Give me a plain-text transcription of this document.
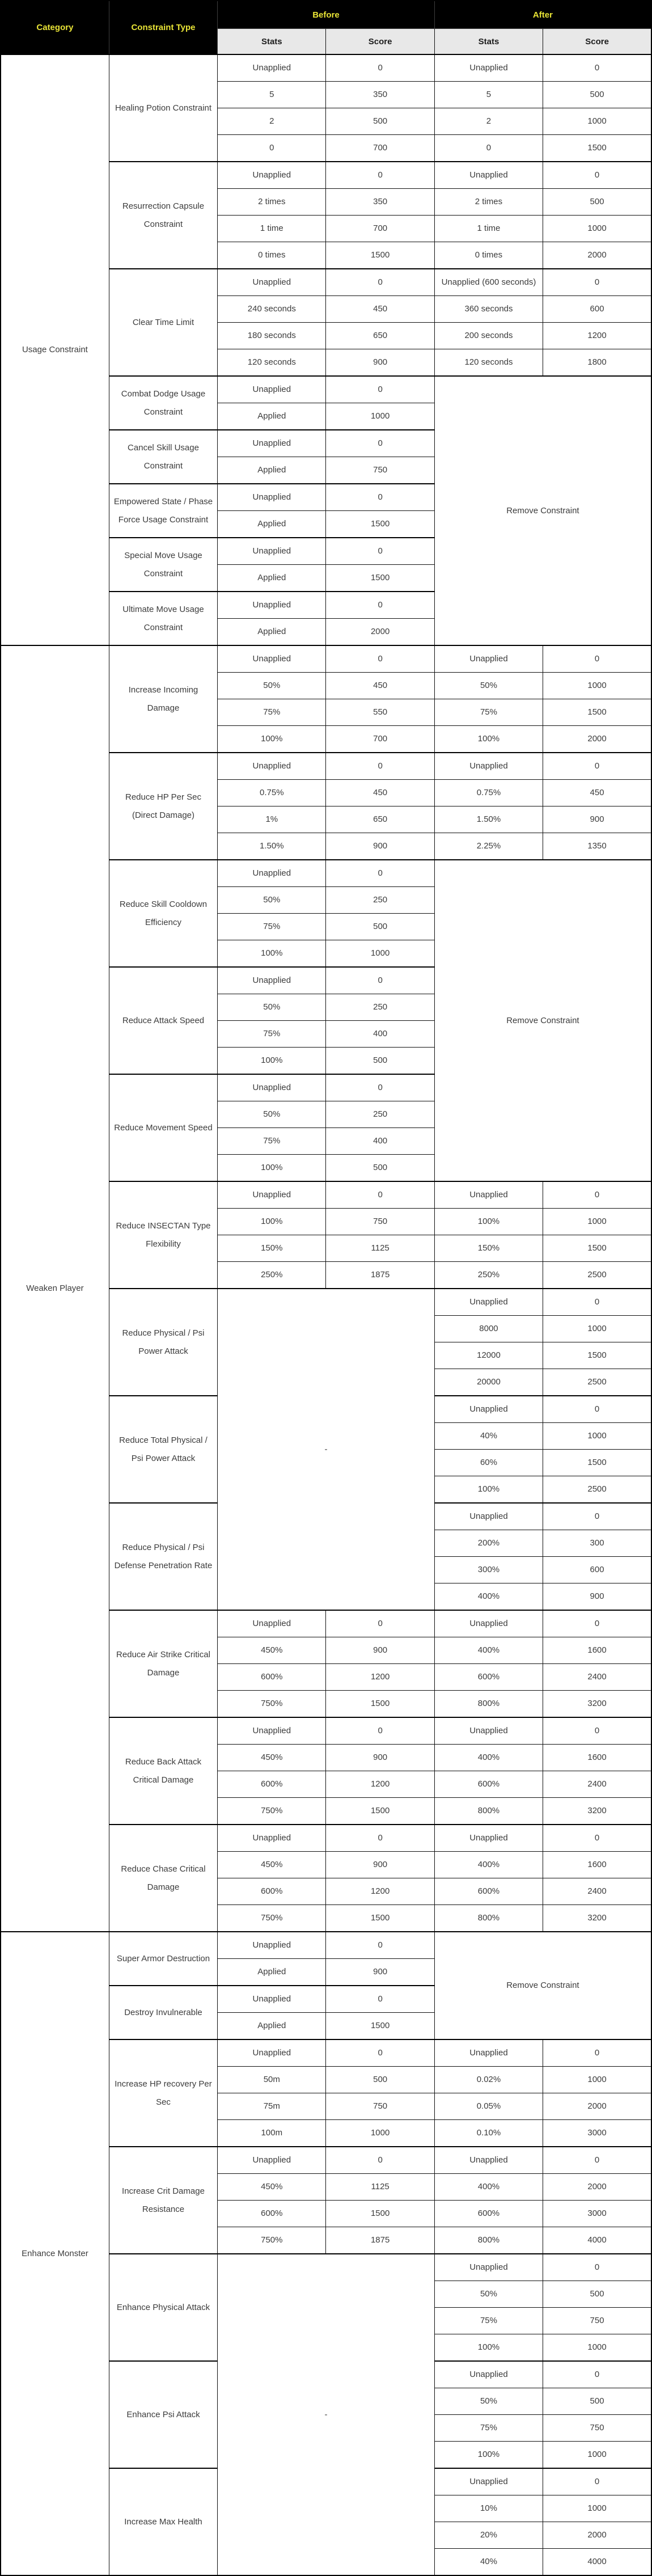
Category	Constraint Type	Before		After	
		Stats	Score	Stats	Score
Usage Constraint	Healing Potion Constraint	Unapplied	0	Unapplied	0
		5	350	5	500
		2	500	2	1000
		0	700	0	1500
	Resurrection Capsule Constraint	Unapplied	0	Unapplied	0
		2 times	350	2 times	500
		1 time	700	1 time	1000
		0 times	1500	0 times	2000
	Clear Time Limit	Unapplied	0	Unapplied (600 seconds)	0
		240 seconds	450	360 seconds	600
		180 seconds	650	200 seconds	1200
		120 seconds	900	120 seconds	1800
	Combat Dodge Usage Constraint	Unapplied	0	Remove Constraint	
		Applied	1000		
	Cancel Skill Usage Constraint	Unapplied	0		
		Applied	750		
	Empowered State / Phase Force Usage Constraint	Unapplied	0		
		Applied	1500		
	Special Move Usage Constraint	Unapplied	0		
		Applied	1500		
	Ultimate Move Usage Constraint	Unapplied	0		
		Applied	2000		
Weaken Player	Increase Incoming Damage	Unapplied	0	Unapplied	0
		50%	450	50%	1000
		75%	550	75%	1500
		100%	700	100%	2000
	Reduce HP Per Sec (Direct Damage)	Unapplied	0	Unapplied	0
		0.75%	450	0.75%	450
		1%	650	1.50%	900
		1.50%	900	2.25%	1350
	Reduce Skill Cooldown Efficiency	Unapplied	0	Remove Constraint	
		50%	250		
		75%	500		
		100%	1000		
	Reduce Attack Speed	Unapplied	0		
		50%	250		
		75%	400		
		100%	500		
	Reduce Movement Speed	Unapplied	0		
		50%	250		
		75%	400		
		100%	500		
	Reduce INSECTAN Type Flexibility	Unapplied	0	Unapplied	0
		100%	750	100%	1000
		150%	1125	150%	1500
		250%	1875	250%	2500
	Reduce Physical / Psi Power Attack	-		Unapplied	0
				8000	1000
				12000	1500
				20000	2500
	Reduce Total Physical / Psi Power Attack			Unapplied	0
				40%	1000
				60%	1500
				100%	2500
	Reduce Physical / Psi Defense Penetration Rate			Unapplied	0
				200%	300
				300%	600
				400%	900
	Reduce Air Strike Critical Damage	Unapplied	0	Unapplied	0
		450%	900	400%	1600
		600%	1200	600%	2400
		750%	1500	800%	3200
	Reduce Back Attack Critical Damage	Unapplied	0	Unapplied	0
		450%	900	400%	1600
		600%	1200	600%	2400
		750%	1500	800%	3200
	Reduce Chase Critical Damage	Unapplied	0	Unapplied	0
		450%	900	400%	1600
		600%	1200	600%	2400
		750%	1500	800%	3200
Enhance Monster	Super Armor Destruction	Unapplied	0	Remove Constraint	
		Applied	900		
	Destroy Invulnerable	Unapplied	0		
		Applied	1500		
	Increase HP recovery Per Sec	Unapplied	0	Unapplied	0
		50m	500	0.02%	1000
		75m	750	0.05%	2000
		100m	1000	0.10%	3000
	Increase Crit Damage Resistance	Unapplied	0	Unapplied	0
		450%	1125	400%	2000
		600%	1500	600%	3000
		750%	1875	800%	4000
	Enhance Physical Attack	-		Unapplied	0
				50%	500
				75%	750
				100%	1000
	Enhance Psi Attack			Unapplied	0
				50%	500
				75%	750
				100%	1000
	Increase Max Health			Unapplied	0
				10%	1000
				20%	2000
				40%	4000
